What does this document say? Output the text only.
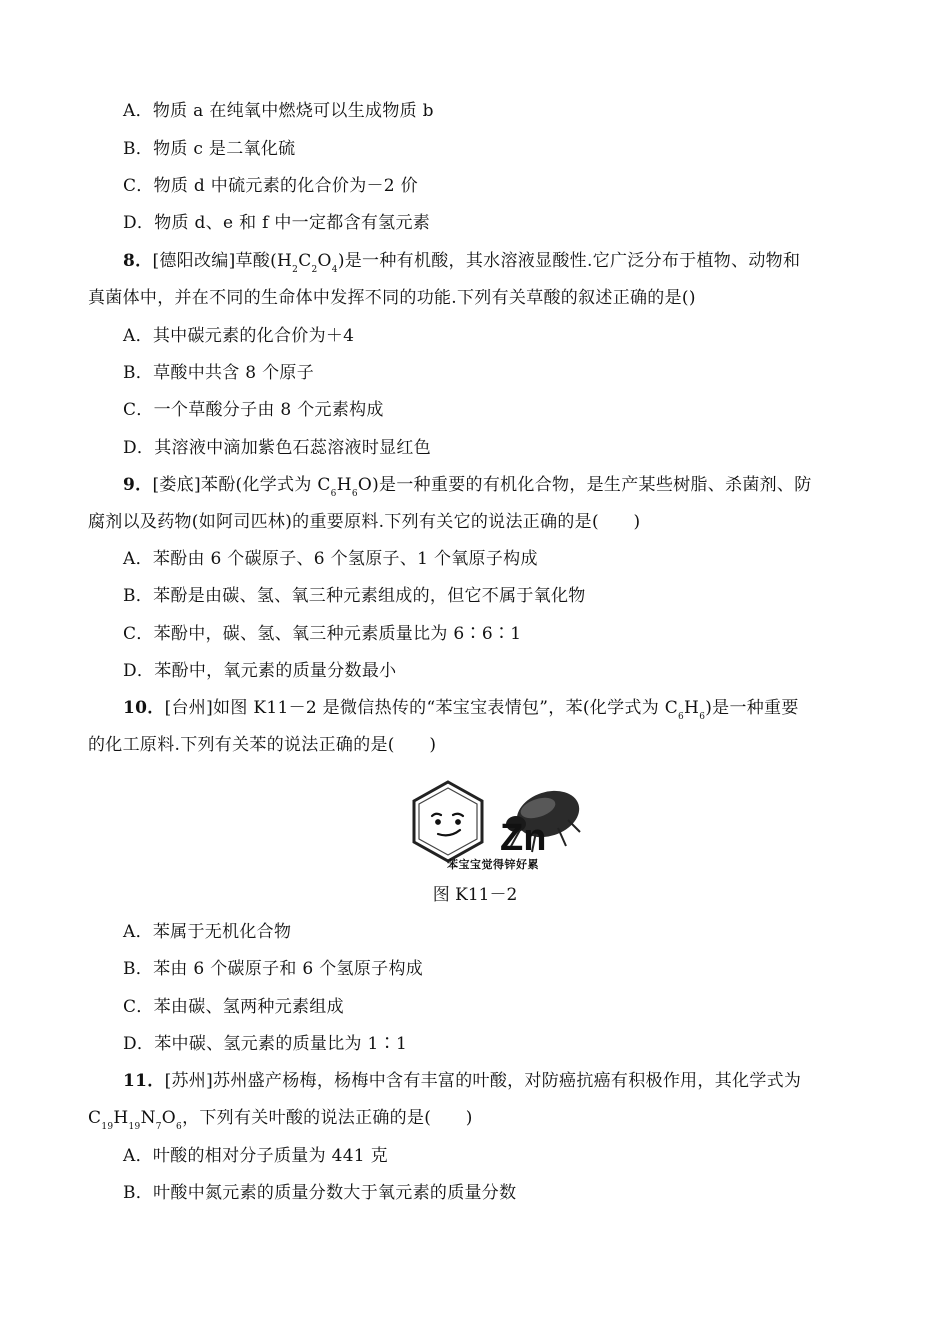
A．物质 a 在纯氧中燃烧可以生成物质 b
B．物质 c 是二氧化硫
C．物质 d 中硫元素的化合价为－2 价
D．物质 d、e 和 f 中一定都含有氢元素
8．[德阳改编]草酸$(H_2C_2O_4)$是一种有机酸，其水溶液显酸性.它广泛分布于植物、动物和
真菌体中，并在不同的生命体中发挥不同的功能.下列有关草酸的叙述正确的是()
A．其中碳元素的化合价为＋4
B．草酸中共含 8 个原子
C．一个草酸分子由 8 个元素构成
D．其溶液中滴加紫色石蕊溶液时显红色
9．[娄底]苯酚(化学式为 $C_6H_6O$)是一种重要的有机化合物，是生产某些树脂、杀菌剂、防
腐剂以及药物(如阿司匹林)的重要原料.下列有关它的说法正确的是(　　)
A．苯酚由 6 个碳原子、6 个氢原子、1 个氧原子构成
B．苯酚是由碳、氢、氧三种元素组成的，但它不属于氧化物
C．苯酚中，碳、氢、氧三种元素质量比为 6∶6∶1
D．苯酚中，氧元素的质量分数最小
10．[台州]如图 K11－2 是微信热传的“苯宝宝表情包”，苯(化学式为 $C_6H_6$)是一种重要
的化工原料.下列有关苯的说法正确的是(　　)
Zn
苯宝宝觉得锌好累
图 K11－2
A．苯属于无机化合物
B．苯由 6 个碳原子和 6 个氢原子构成
C．苯由碳、氢两种元素组成
D．苯中碳、氢元素的质量比为 1∶1
11．[苏州]苏州盛产杨梅，杨梅中含有丰富的叶酸，对防癌抗癌有积极作用，其化学式为
$C_{19}H_{19}N_7O_6$，下列有关叶酸的说法正确的是(　　)
A．叶酸的相对分子质量为 441 克
B．叶酸中氮元素的质量分数大于氧元素的质量分数
